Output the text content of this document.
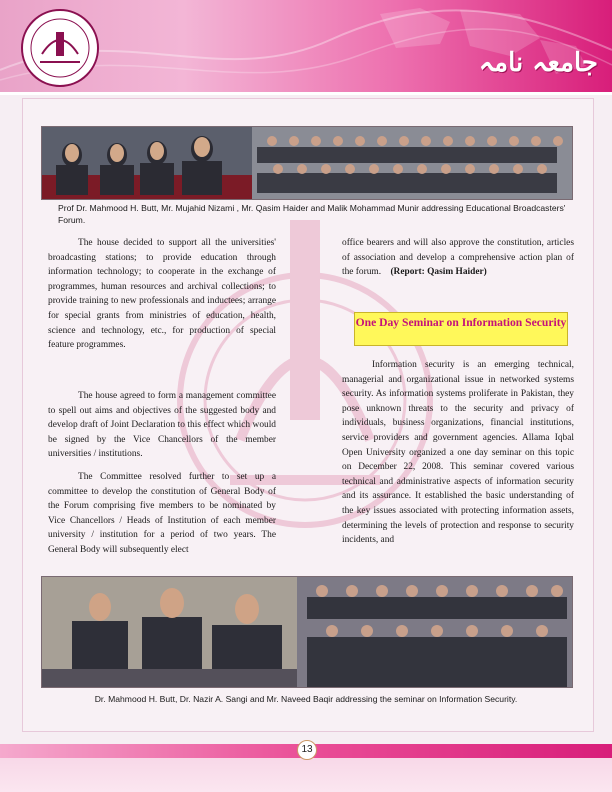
جامعہ نامہ
Prof Dr. Mahmood H. Butt, Mr. Mujahid Nizami , Mr. Qasim Haider and Malik Mohammad Munir addressing Educational Broadcasters' Forum.

The house decided to support all the universities' broadcasting stations; to provide education through information technology; to cooperate in the exchange of programmes, human resources and archival collections; to provide training to new professionals and inductees; arrange for special grants from ministries of education, health, science and technology, etc., for production of special feature programmes.

The house agreed to form a management committee to spell out aims and objectives of the suggested body and develop draft of Joint Declaration to this effect which would be signed by the Vice Chancellors of the member universities / institutions.

The Committee resolved further to set up a committee to develop the constitution of General Body of the Forum comprising five members to be nominated by Vice Chancellors / Heads of Institution of each member university / institution for a period of two years. The General Body will subsequently elect

office bearers and will also approve the constitution, articles of association and develop a comprehensive action plan of the forum. (Report: Qasim Haider)

One Day Seminar on Information Security

Information security is an emerging technical, managerial and organizational issue in networked systems security. As information systems proliferate in Pakistan, they pose unknown threats to the security and privacy of individuals, business organizations, financial institutions, service providers and government agencies. Allama Iqbal Open University organized a one day seminar on this topic on December 22, 2008. This seminar covered various technical and administrative aspects of information security and its assurance. It established the basic understanding of the key issues associated with protecting information assets, determining the levels of protection and response to security incidents, and

Dr. Mahmood H. Butt, Dr. Nazir A. Sangi and Mr. Naveed Baqir addressing the seminar on Information Security.
13
